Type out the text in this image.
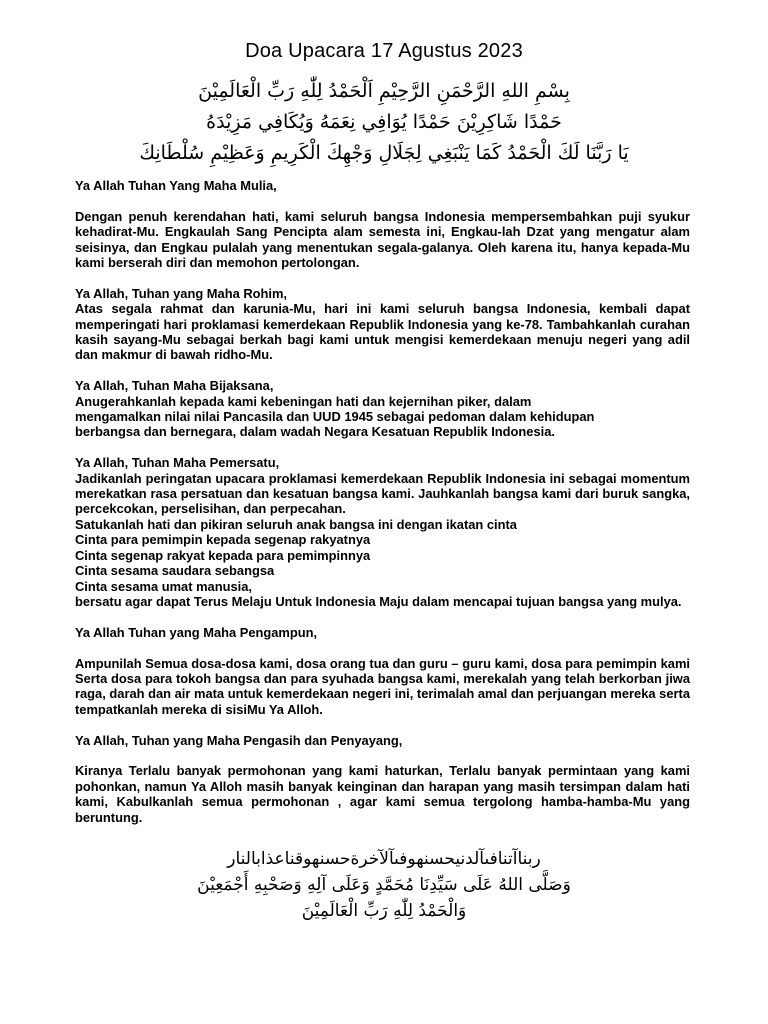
Doa Upacara 17 Agustus 2023
بِسْمِ اللهِ الرَّحْمَنِ الرَّحِيْمِ اَلْحَمْدُ لِلّٰهِ رَبِّ الْعَالَمِيْنَ
حَمْدًا شَاكِرِيْنَ حَمْدًا يُوَافِي نِعَمَهُ وَيُكَافِي مَزِيْدَهُ
يَا رَبَّنَا لَكَ الْحَمْدُ كَمَا يَنْبَغِي لِجَلَالِ وَجْهِكَ الْكَرِيمِ وَعَظِيْمِ سُلْطَانِكَ

Ya Allah Tuhan Yang Maha Mulia,

Dengan penuh kerendahan hati, kami seluruh bangsa Indonesia mempersembahkan puji syukur kehadirat-Mu. Engkaulah Sang Pencipta alam semesta ini, Engkau-lah Dzat yang mengatur alam seisinya, dan Engkau pulalah yang menentukan segala-galanya. Oleh karena itu, hanya kepada-Mu kami berserah diri dan memohon pertolongan.

Ya Allah, Tuhan yang Maha Rohim,
Atas segala rahmat dan karunia-Mu, hari ini kami seluruh bangsa Indonesia, kembali dapat memperingati hari proklamasi kemerdekaan Republik Indonesia yang ke-78. Tambahkanlah curahan kasih sayang-Mu sebagai berkah bagi kami untuk mengisi kemerdekaan menuju negeri yang adil dan makmur di bawah ridho-Mu.

Ya Allah, Tuhan Maha Bijaksana,
Anugerahkanlah kepada kami kebeningan hati dan kejernihan piker, dalam
mengamalkan nilai nilai Pancasila dan UUD 1945 sebagai pedoman dalam kehidupan
berbangsa dan bernegara, dalam wadah Negara Kesatuan Republik Indonesia.

Ya Allah, Tuhan Maha Pemersatu,
Jadikanlah peringatan upacara proklamasi kemerdekaan Republik Indonesia ini sebagai momentum merekatkan rasa persatuan dan kesatuan bangsa kami. Jauhkanlah bangsa kami dari buruk sangka, percekcokan, perselisihan, dan perpecahan.
Satukanlah hati dan pikiran seluruh anak bangsa ini dengan ikatan cinta
Cinta para pemimpin kepada segenap rakyatnya
Cinta segenap rakyat kepada para pemimpinnya
Cinta sesama saudara sebangsa
Cinta sesama umat manusia,
bersatu agar dapat Terus Melaju Untuk Indonesia Maju dalam mencapai tujuan bangsa yang mulya.

Ya Allah Tuhan yang Maha Pengampun,

Ampunilah Semua dosa-dosa kami, dosa orang tua dan guru – guru kami, dosa para pemimpin kami Serta dosa para tokoh bangsa dan para syuhada bangsa kami, merekalah yang telah berkorban jiwa raga, darah dan air mata untuk kemerdekaan negeri ini, terimalah amal dan perjuangan mereka serta tempatkanlah mereka di sisiMu Ya Alloh.

Ya Allah, Tuhan yang Maha Pengasih dan Penyayang,

Kiranya Terlalu banyak permohonan yang kami haturkan, Terlalu banyak permintaan yang kami pohonkan, namun Ya Alloh masih banyak keinginan dan harapan yang masih tersimpan dalam hati kami, Kabulkanlah semua permohonan , agar kami semua tergolong hamba-hamba-Mu yang beruntung.

ربناآتنافىآلدنيحسنهوفىآلآخرةحسنهوقناعذابالنار
وَصَلَّى اللهُ عَلَى سَيِّدِنَا مُحَمَّدٍ وَعَلَى آلِهِ وَصَحْبِهِ أَجْمَعِيْنَ
وَالْحَمْدُ لِلّٰهِ رَبِّ الْعَالَمِيْنَ
